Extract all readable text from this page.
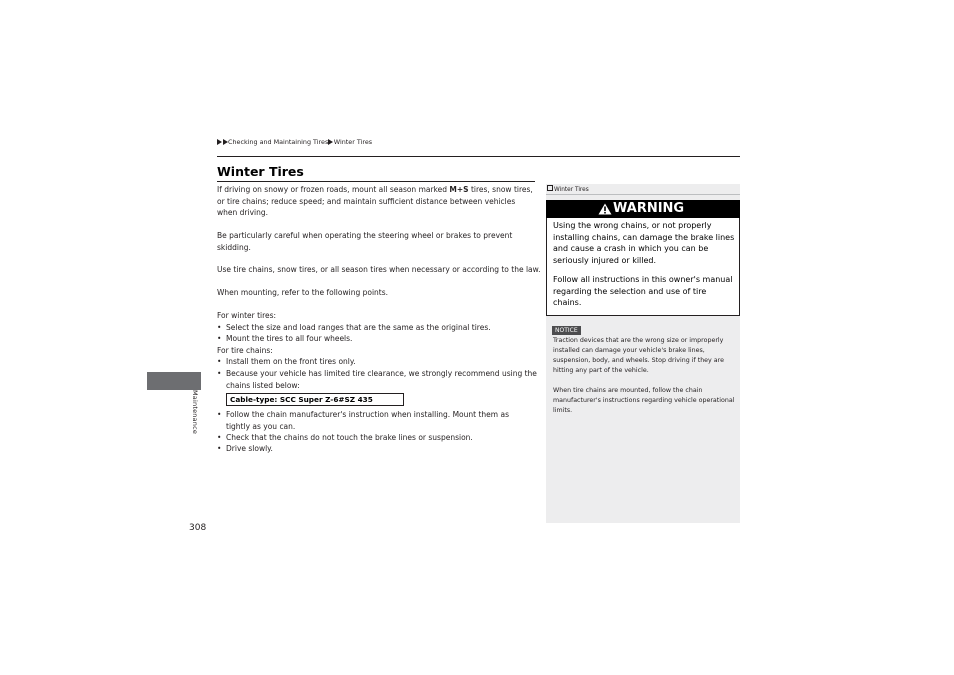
Checking and Maintaining Tires Winter Tires
Maintenance
Winter Tires
If driving on snowy or frozen roads, mount all season marked M+S tires, snow tires, or tire chains; reduce speed; and maintain sufficient distance between vehicles when driving.
Be particularly careful when operating the steering wheel or brakes to prevent skidding.
Use tire chains, snow tires, or all season tires when necessary or according to the law.
When mounting, refer to the following points.
For winter tires:
• Select the size and load ranges that are the same as the original tires.
• Mount the tires to all four wheels.
For tire chains:
• Install them on the front tires only.
• Because your vehicle has limited tire clearance, we strongly recommend using the chains listed below:
Cable-type: SCC Super Z-6#SZ 435
• Follow the chain manufacturer's instruction when installing. Mount them as tightly as you can.
• Check that the chains do not touch the brake lines or suspension.
• Drive slowly.
308
Winter Tires
WARNING
Using the wrong chains, or not properly installing chains, can damage the brake lines and cause a crash in which you can be seriously injured or killed.
Follow all instructions in this owner's manual regarding the selection and use of tire chains.
NOTICE
Traction devices that are the wrong size or improperly installed can damage your vehicle's brake lines, suspension, body, and wheels. Stop driving if they are hitting any part of the vehicle.
When tire chains are mounted, follow the chain manufacturer's instructions regarding vehicle operational limits.
